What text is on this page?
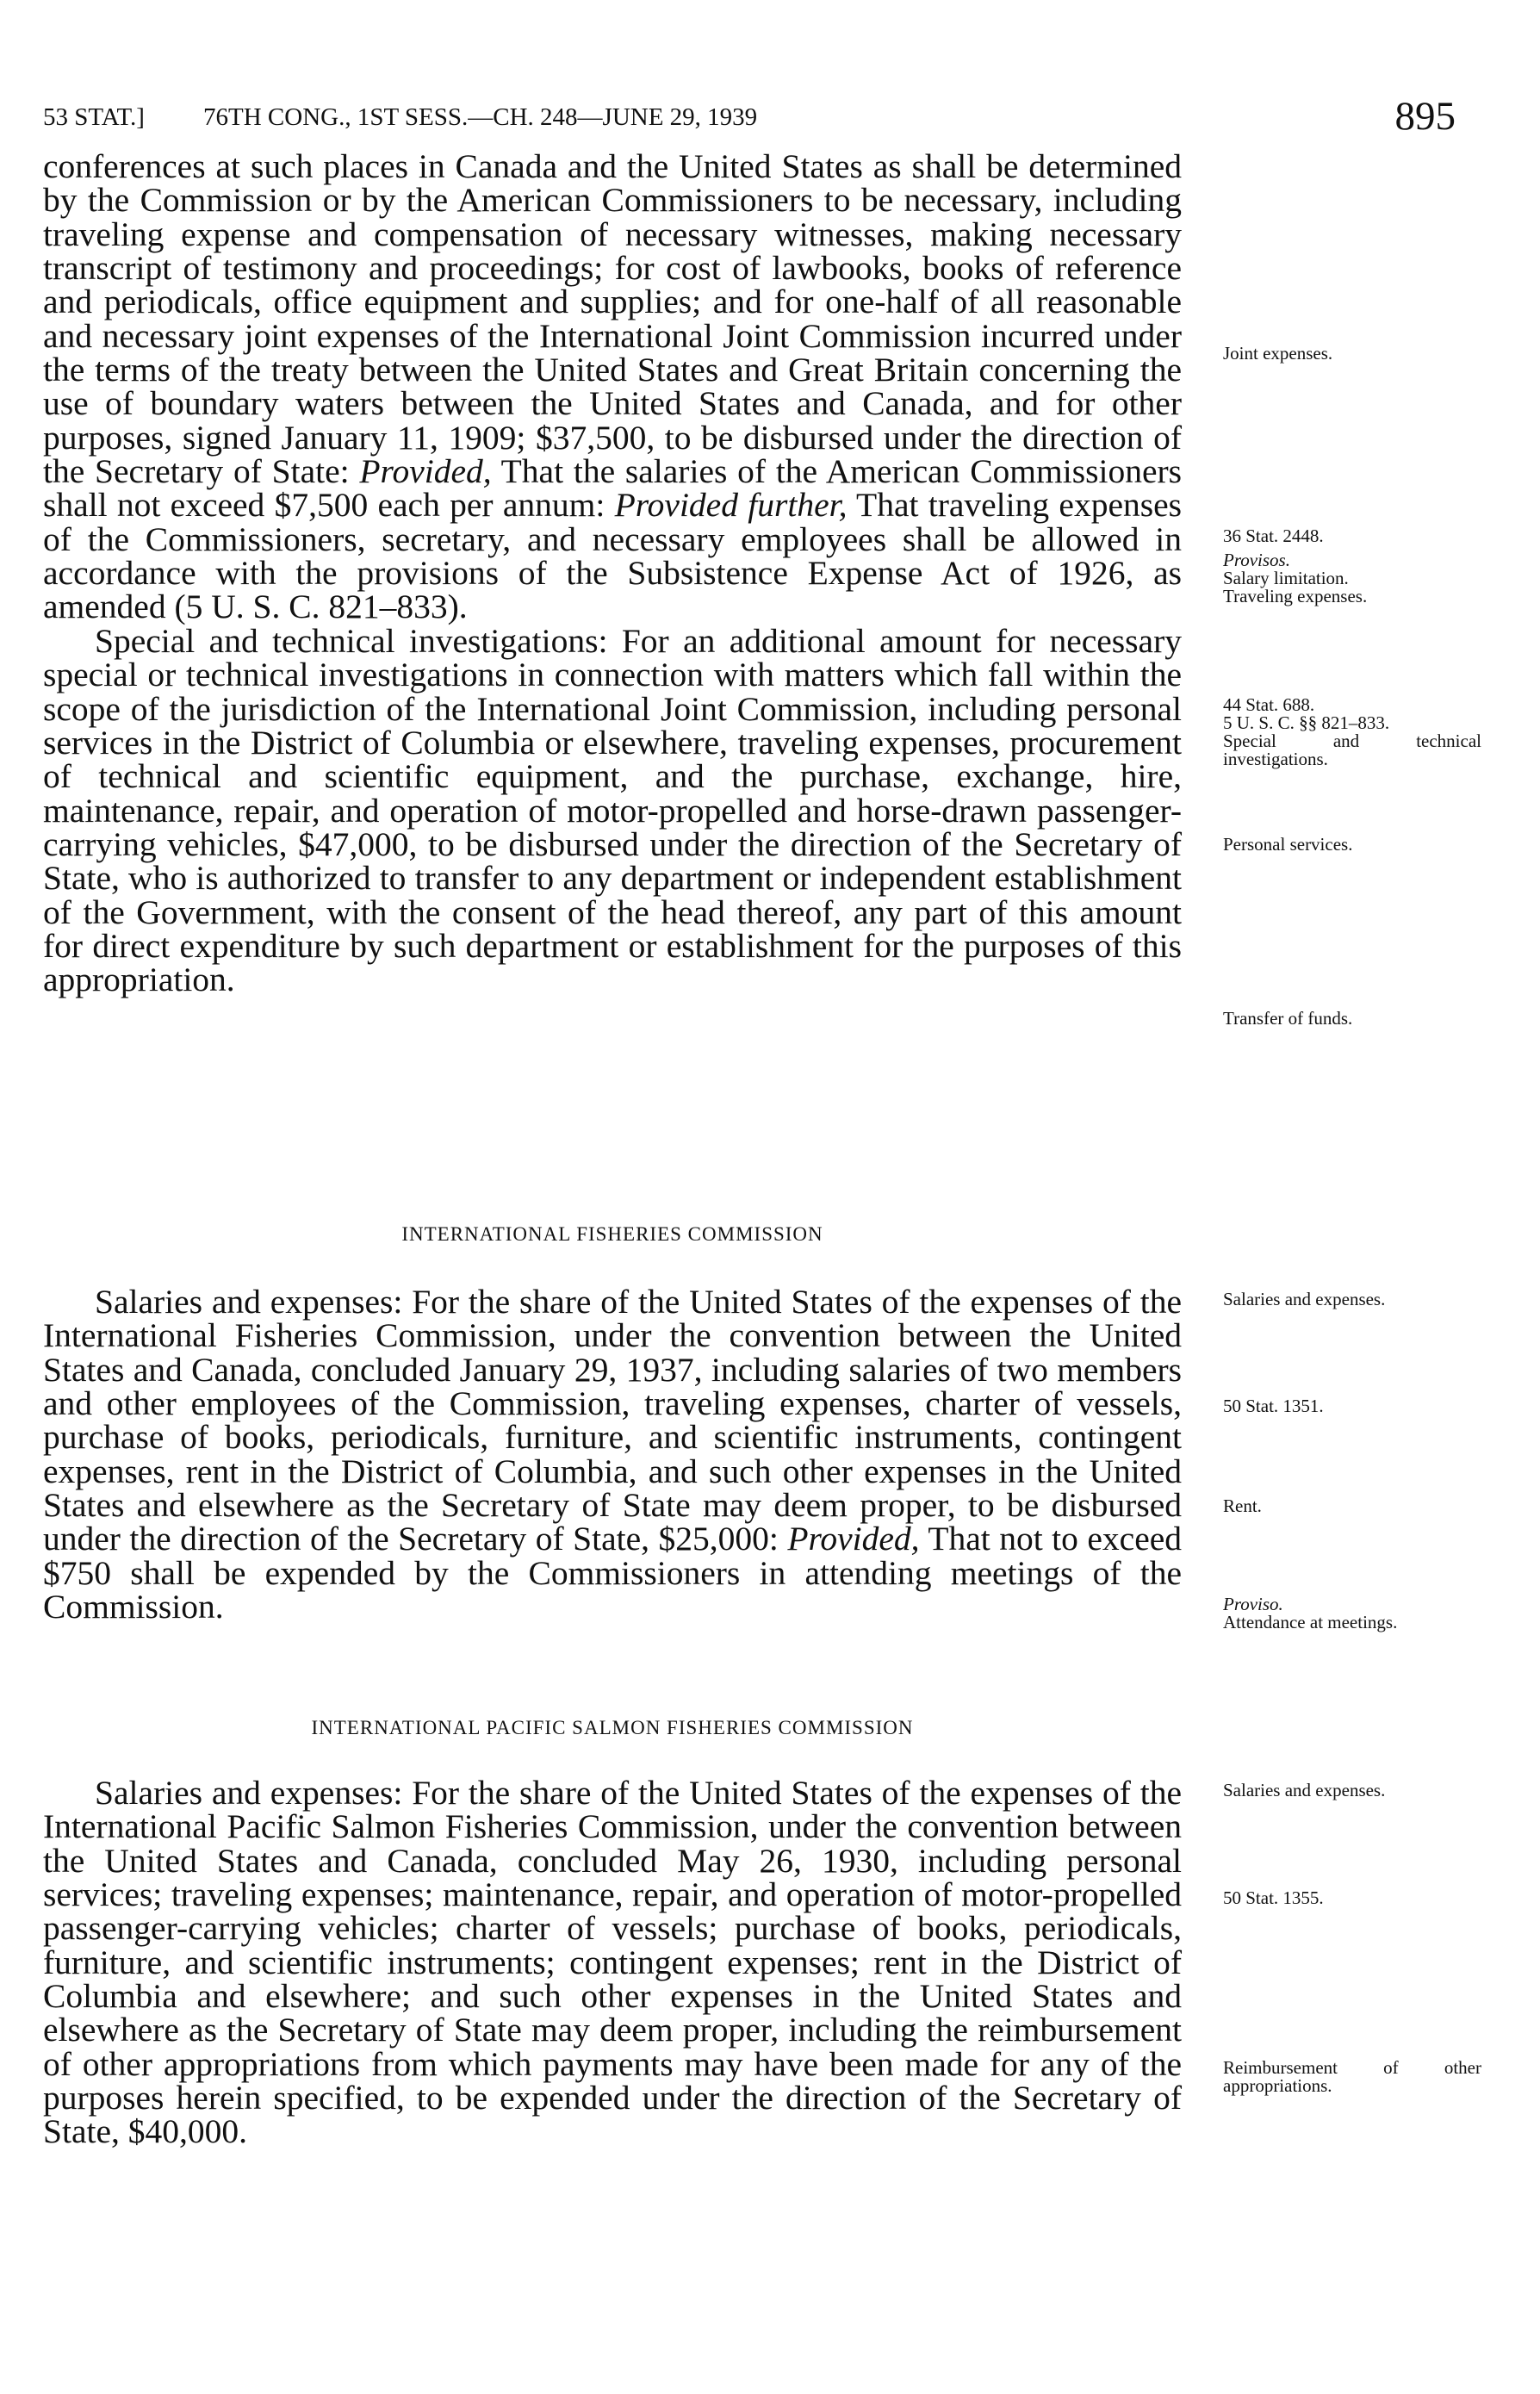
53 STAT.] 76TH CONG., 1ST SESS.—CH. 248—JUNE 29, 1939	895

conferences at such places in Canada and the United States as shall be determined by the Commission or by the American Commissioners to be necessary, including traveling expense and compensation of necessary witnesses, making necessary transcript of testimony and proceedings; for cost of lawbooks, books of reference and periodicals, office equipment and supplies; and for one-half of all reasonable and necessary joint expenses of the International Joint Commission incurred under the terms of the treaty between the United States and Great Britain concerning the use of boundary waters between the United States and Canada, and for other purposes, signed January 11, 1909; $37,500, to be disbursed under the direction of the Secretary of State: Provided, That the salaries of the American Commissioners shall not exceed $7,500 each per annum: Provided further, That traveling expenses of the Commissioners, secretary, and necessary employees shall be allowed in accordance with the provisions of the Subsistence Expense Act of 1926, as amended (5 U. S. C. 821–833).

Special and technical investigations: For an additional amount for necessary special or technical investigations in connection with matters which fall within the scope of the jurisdiction of the International Joint Commission, including personal services in the District of Columbia or elsewhere, traveling expenses, procurement of technical and scientific equipment, and the purchase, exchange, hire, maintenance, repair, and operation of motor-propelled and horse-drawn passenger-carrying vehicles, $47,000, to be disbursed under the direction of the Secretary of State, who is authorized to transfer to any department or independent establishment of the Government, with the consent of the head thereof, any part of this amount for direct expenditure by such department or establishment for the purposes of this appropriation.

INTERNATIONAL FISHERIES COMMISSION

Salaries and expenses: For the share of the United States of the expenses of the International Fisheries Commission, under the convention between the United States and Canada, concluded January 29, 1937, including salaries of two members and other employees of the Commission, traveling expenses, charter of vessels, purchase of books, periodicals, furniture, and scientific instruments, contingent expenses, rent in the District of Columbia, and such other expenses in the United States and elsewhere as the Secretary of State may deem proper, to be disbursed under the direction of the Secretary of State, $25,000: Provided, That not to exceed $750 shall be expended by the Commissioners in attending meetings of the Commission.

INTERNATIONAL PACIFIC SALMON FISHERIES COMMISSION

Salaries and expenses: For the share of the United States of the expenses of the International Pacific Salmon Fisheries Commission, under the convention between the United States and Canada, concluded May 26, 1930, including personal services; traveling expenses; maintenance, repair, and operation of motor-propelled passenger-carrying vehicles; charter of vessels; purchase of books, periodicals, furniture, and scientific instruments; contingent expenses; rent in the District of Columbia and elsewhere; and such other expenses in the United States and elsewhere as the Secretary of State may deem proper, including the reimbursement of other appropriations from which payments may have been made for any of the purposes herein specified, to be expended under the direction of the Secretary of State, $40,000.

Joint expenses.
36 Stat. 2448.
Provisos.
Salary limitation.
Traveling expenses.
44 Stat. 688.
5 U. S. C. §§ 821–833.
Special and technical investigations.
Personal services.
Transfer of funds.
Salaries and expenses.
50 Stat. 1351.
Rent.
Proviso.
Attendance at meetings.
Salaries and expenses.
50 Stat. 1355.
Reimbursement of other appropriations.
